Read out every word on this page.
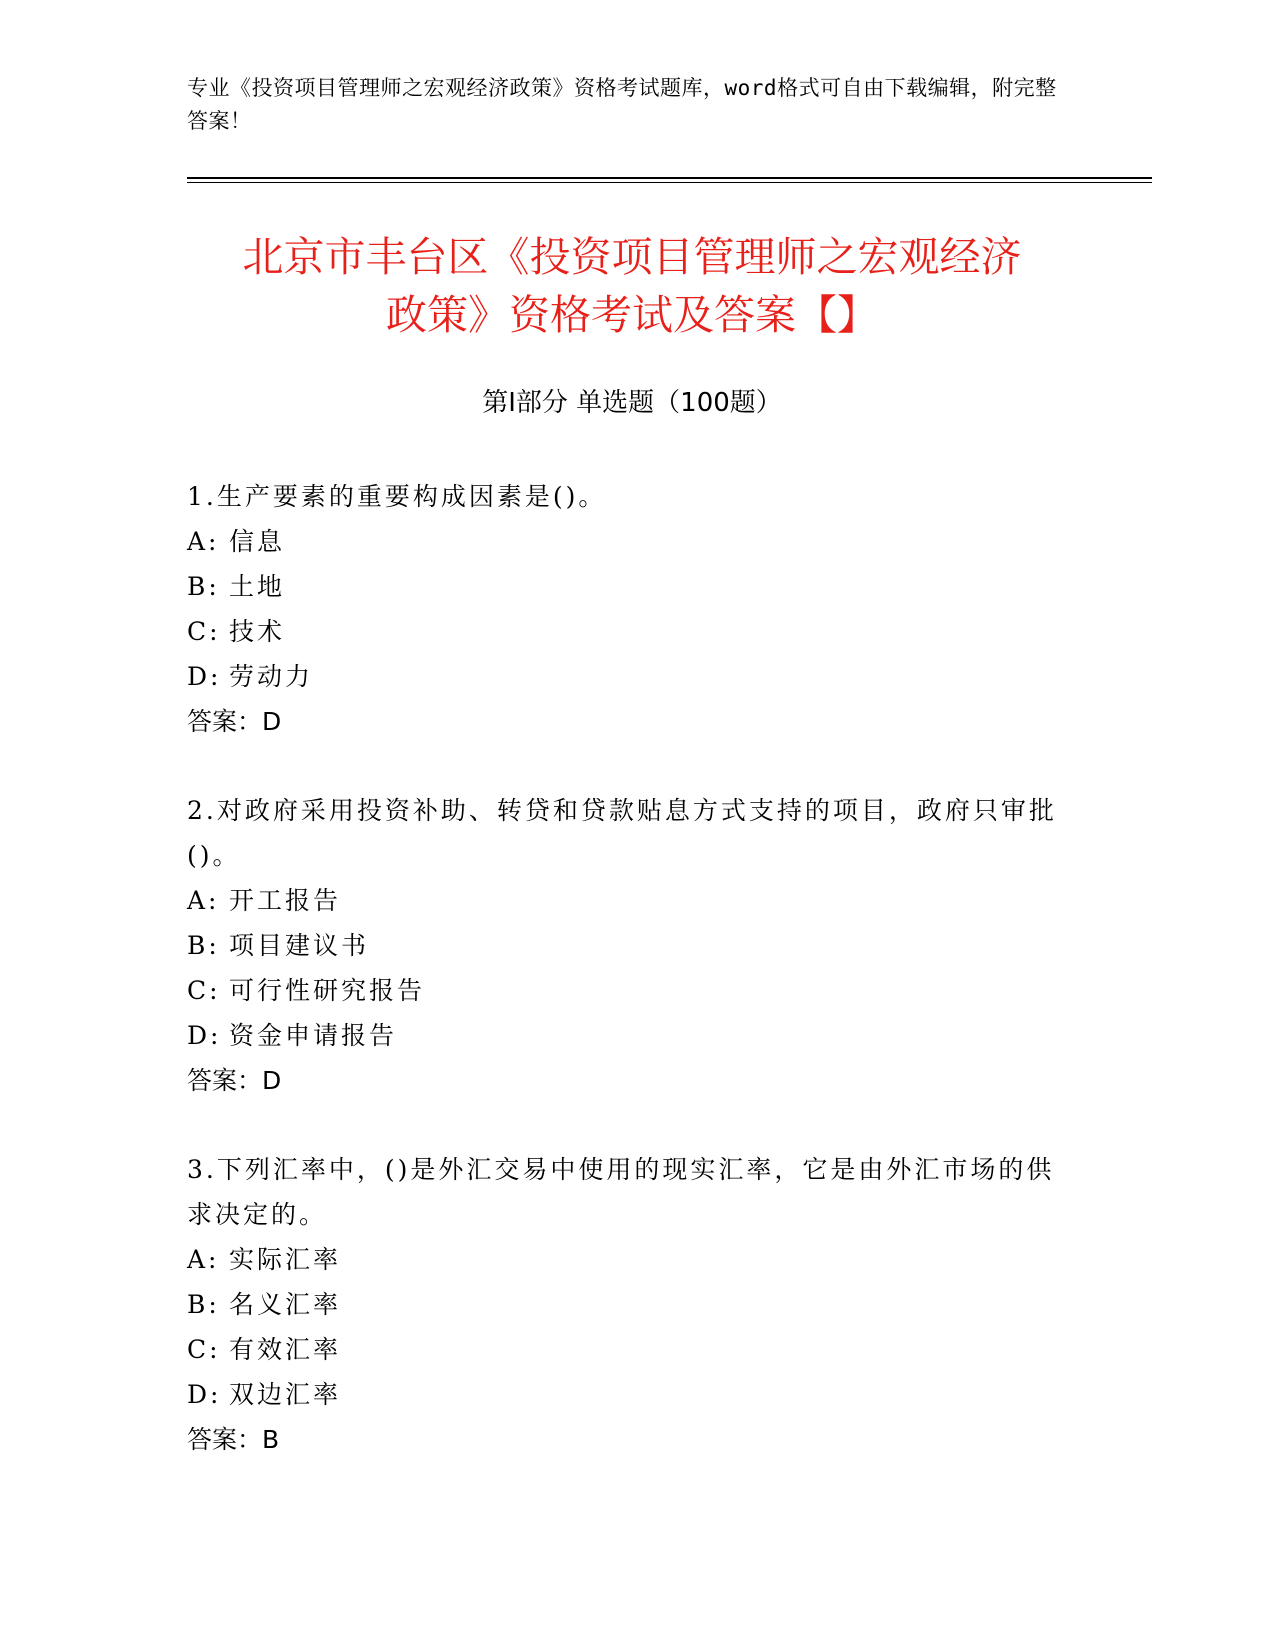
专业《投资项目管理师之宏观经济政策》资格考试题库，word格式可自由下载编辑，附完整答案！
北京市丰台区《投资项目管理师之宏观经济
政策》资格考试及答案【】
第Ⅰ部分 单选题（100题）
1.生产要素的重要构成因素是()。
A: 信息
B: 土地
C: 技术
D: 劳动力
答案：D
2.对政府采用投资补助、转贷和贷款贴息方式支持的项目，政府只审批()。
A: 开工报告
B: 项目建议书
C: 可行性研究报告
D: 资金申请报告
答案：D
3.下列汇率中，()是外汇交易中使用的现实汇率，它是由外汇市场的供求决定的。
A: 实际汇率
B: 名义汇率
C: 有效汇率
D: 双边汇率
答案：B
